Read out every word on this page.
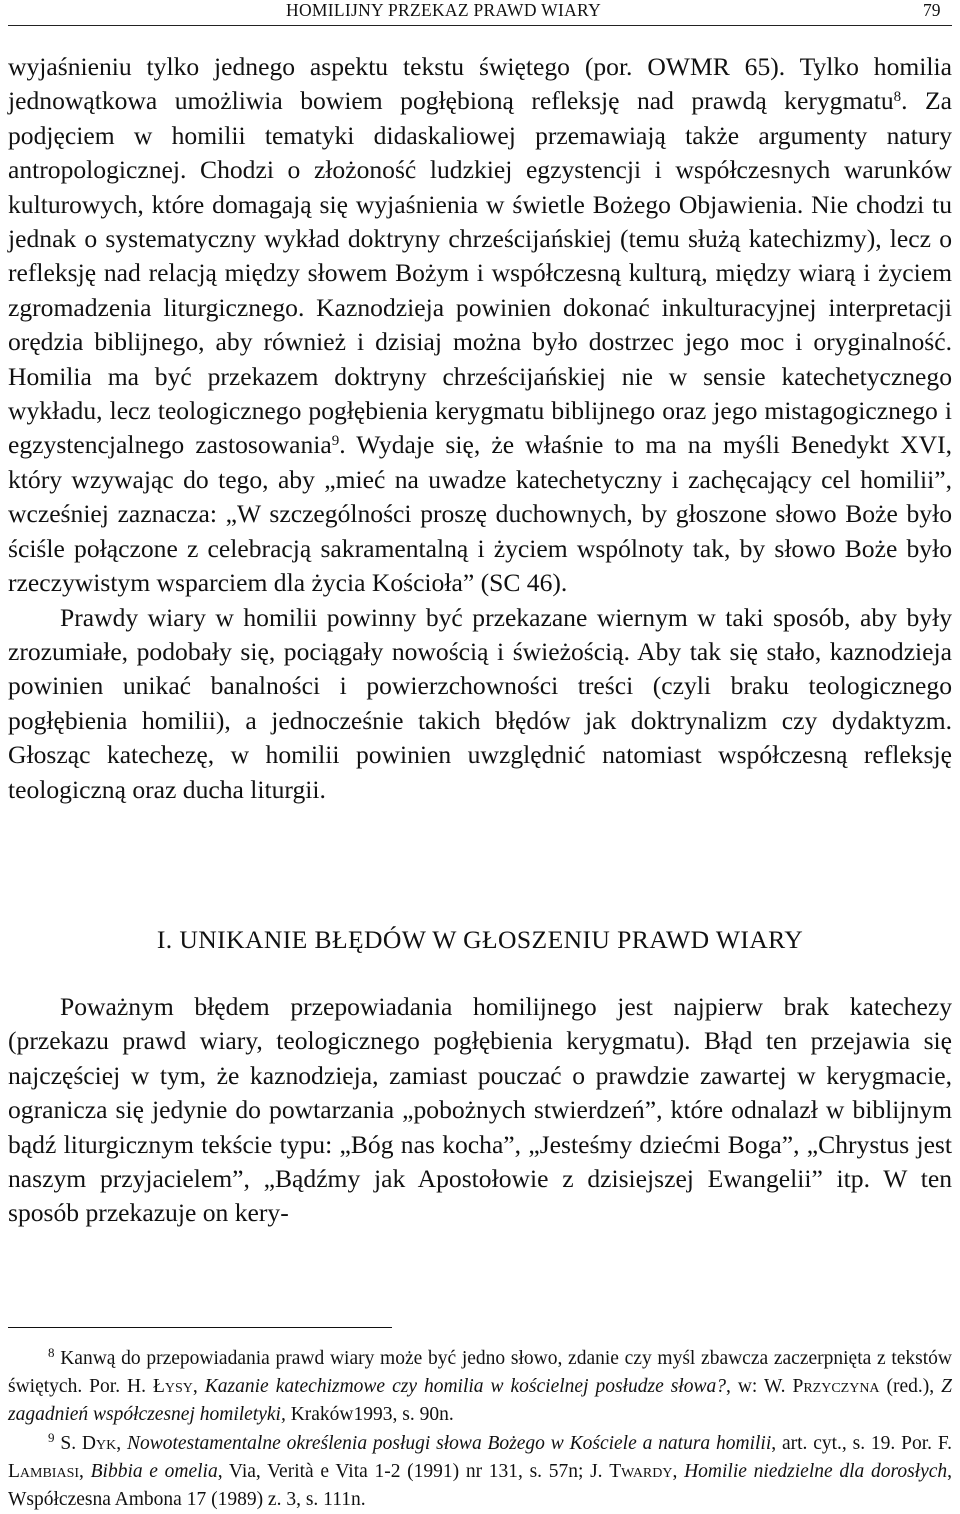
HOMILIJNY PRZEKAZ PRAWD WIARY	79

wyjaśnieniu tylko jednego aspektu tekstu świętego (por. OWMR 65). Tylko homilia jednowątkowa umożliwia bowiem pogłębioną refleksję nad prawdą kerygmatu$^8$. Za podjęciem w homilii tematyki didaskaliowej przemawiają także argumenty natury antropologicznej. Chodzi o złożoność ludzkiej egzystencji i współczesnych warunków kulturowych, które domagają się wyjaśnienia w świetle Bożego Objawienia. Nie chodzi tu jednak o systematyczny wykład doktryny chrześcijańskiej (temu służą katechizmy), lecz o refleksję nad relacją między słowem Bożym i współczesną kulturą, między wiarą i życiem zgromadzenia liturgicznego. Kaznodzieja powinien dokonać inkulturacyjnej interpretacji orędzia biblijnego, aby również i dzisiaj można było dostrzec jego moc i oryginalność. Homilia ma być przekazem doktryny chrześcijańskiej nie w sensie katechetycznego wykładu, lecz teologicznego pogłębienia kerygmatu biblijnego oraz jego mistagogicznego i egzystencjalnego zastosowania$^9$. Wydaje się, że właśnie to ma na myśli Benedykt XVI, który wzywając do tego, aby „mieć na uwadze katechetyczny i zachęcający cel homilii”, wcześniej zaznacza: „W szczególności proszę duchownych, by głoszone słowo Boże było ściśle połączone z celebracją sakramentalną i życiem wspólnoty tak, by słowo Boże było rzeczywistym wsparciem dla życia Kościoła” (SC 46).

Prawdy wiary w homilii powinny być przekazane wiernym w taki sposób, aby były zrozumiałe, podobały się, pociągały nowością i świeżością. Aby tak się stało, kaznodzieja powinien unikać banalności i powierzchowności treści (czyli braku teologicznego pogłębienia homilii), a jednocześnie takich błędów jak doktrynalizm czy dydaktyzm. Głosząc katechezę, w homilii powinien uwzględnić natomiast współczesną refleksję teologiczną oraz ducha liturgii.

I. UNIKANIE BŁĘDÓW W GŁOSZENIU PRAWD WIARY

Poważnym błędem przepowiadania homilijnego jest najpierw brak katechezy (przekazu prawd wiary, teologicznego pogłębienia kerygmatu). Błąd ten przejawia się najczęściej w tym, że kaznodzieja, zamiast pouczać o prawdzie zawartej w kerygmacie, ogranicza się jedynie do powtarzania „pobożnych stwierdzeń”, które odnalazł w biblijnym bądź liturgicznym tekście typu: „Bóg nas kocha”, „Jesteśmy dziećmi Boga”, „Chrystus jest naszym przyjacielem”, „Bądźmy jak Apostołowie z dzisiejszej Ewangelii” itp. W ten sposób przekazuje on kery-

$^8$ Kanwą do przepowiadania prawd wiary może być jedno słowo, zdanie czy myśl zbawcza zaczerpnięta z tekstów świętych. Por. H. Łysy, Kazanie katechizmowe czy homilia w kościelnej posłudze słowa?, w: W. Przyczyna (red.), Z zagadnień współczesnej homiletyki, Kraków1993, s. 90n.

$^9$ S. Dyk, Nowotestamentalne określenia posługi słowa Bożego w Kościele a natura homilii, art. cyt., s. 19. Por. F. Lambiasi, Bibbia e omelia, Via, Verità e Vita 1-2 (1991) nr 131, s. 57n; J. Twardy, Homilie niedzielne dla dorosłych, Współczesna Ambona 17 (1989) z. 3, s. 111n.
